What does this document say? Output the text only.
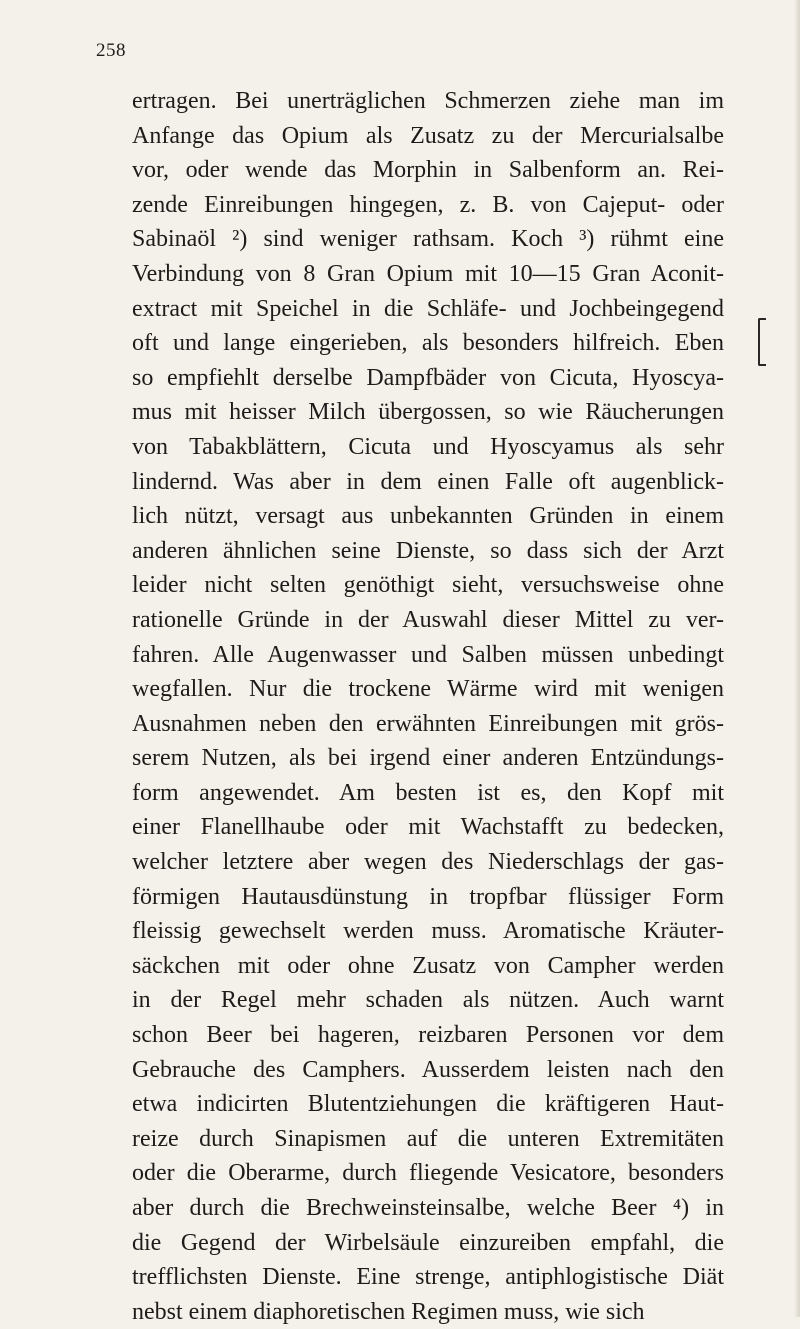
258
ertragen. Bei unerträglichen Schmerzen ziehe man im
Anfange das Opium als Zusatz zu der Mercurialsalbe
vor, oder wende das Morphin in Salbenform an. Rei-
zende Einreibungen hingegen, z. B. von Cajeput- oder
Sabinaöl ²) sind weniger rathsam. Koch ³) rühmt eine
Verbindung von 8 Gran Opium mit 10—15 Gran Aconit-
extract mit Speichel in die Schläfe- und Jochbeingegend
oft und lange eingerieben, als besonders hilfreich. Eben
so empfiehlt derselbe Dampfbäder von Cicuta, Hyoscya-
mus mit heisser Milch übergossen, so wie Räucherungen
von Tabakblättern, Cicuta und Hyoscyamus als sehr
lindernd. Was aber in dem einen Falle oft augenblick-
lich nützt, versagt aus unbekannten Gründen in einem
anderen ähnlichen seine Dienste, so dass sich der Arzt
leider nicht selten genöthigt sieht, versuchsweise ohne
rationelle Gründe in der Auswahl dieser Mittel zu ver-
fahren. Alle Augenwasser und Salben müssen unbedingt
wegfallen. Nur die trockene Wärme wird mit wenigen
Ausnahmen neben den erwähnten Einreibungen mit grös-
serem Nutzen, als bei irgend einer anderen Entzündungs-
form angewendet. Am besten ist es, den Kopf mit
einer Flanellhaube oder mit Wachstafft zu bedecken,
welcher letztere aber wegen des Niederschlags der gas-
förmigen Hautausdünstung in tropfbar flüssiger Form
fleissig gewechselt werden muss. Aromatische Kräuter-
säckchen mit oder ohne Zusatz von Campher werden
in der Regel mehr schaden als nützen. Auch warnt
schon Beer bei hageren, reizbaren Personen vor dem
Gebrauche des Camphers. Ausserdem leisten nach den
etwa indicirten Blutentziehungen die kräftigeren Haut-
reize durch Sinapismen auf die unteren Extremitäten
oder die Oberarme, durch fliegende Vesicatore, besonders
aber durch die Brechweinsteinsalbe, welche Beer ⁴) in
die Gegend der Wirbelsäule einzureiben empfahl, die
trefflichsten Dienste. Eine strenge, antiphlogistische Diät
nebst einem diaphoretischen Regimen muss, wie sich
